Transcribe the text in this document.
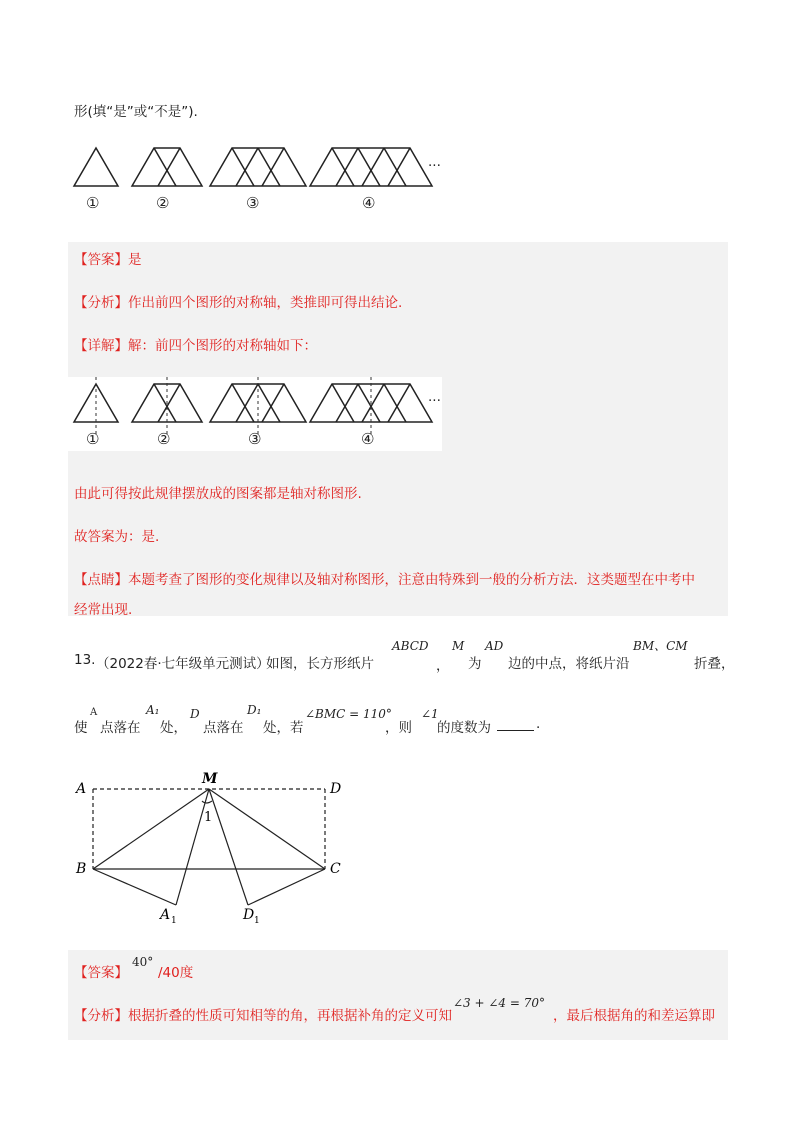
形(填“是”或“不是”).
①	②	③	④
···
【答案】是
【分析】作出前四个图形的对称轴，类推即可得出结论.
【详解】解：前四个图形的对称轴如下：
①	②	③	④
···
由此可得按此规律摆放成的图案都是轴对称图形.
故答案为：是.
【点睛】本题考查了图形的变化规律以及轴对称图形，注意由特殊到一般的分析方法．这类题型在中考中
经常出现.
13. （2022春·七年级单元测试）
如图，长方形纸片
ABCD
，
M
为
AD
边的中点，将纸片沿
BM、CM
折叠，
使
A
点落在
A₁
处，
D
点落在
D₁
处，若
∠BMC = 110°
，则
∠1
的度数为	.
A
M
D
B	C
A 1	D 1
1
【答案】
40°
/40度
【分析】根据折叠的性质可知相等的角，再根据补角的定义可知
∠3 + ∠4 = 70°
，最后根据角的和差运算即
